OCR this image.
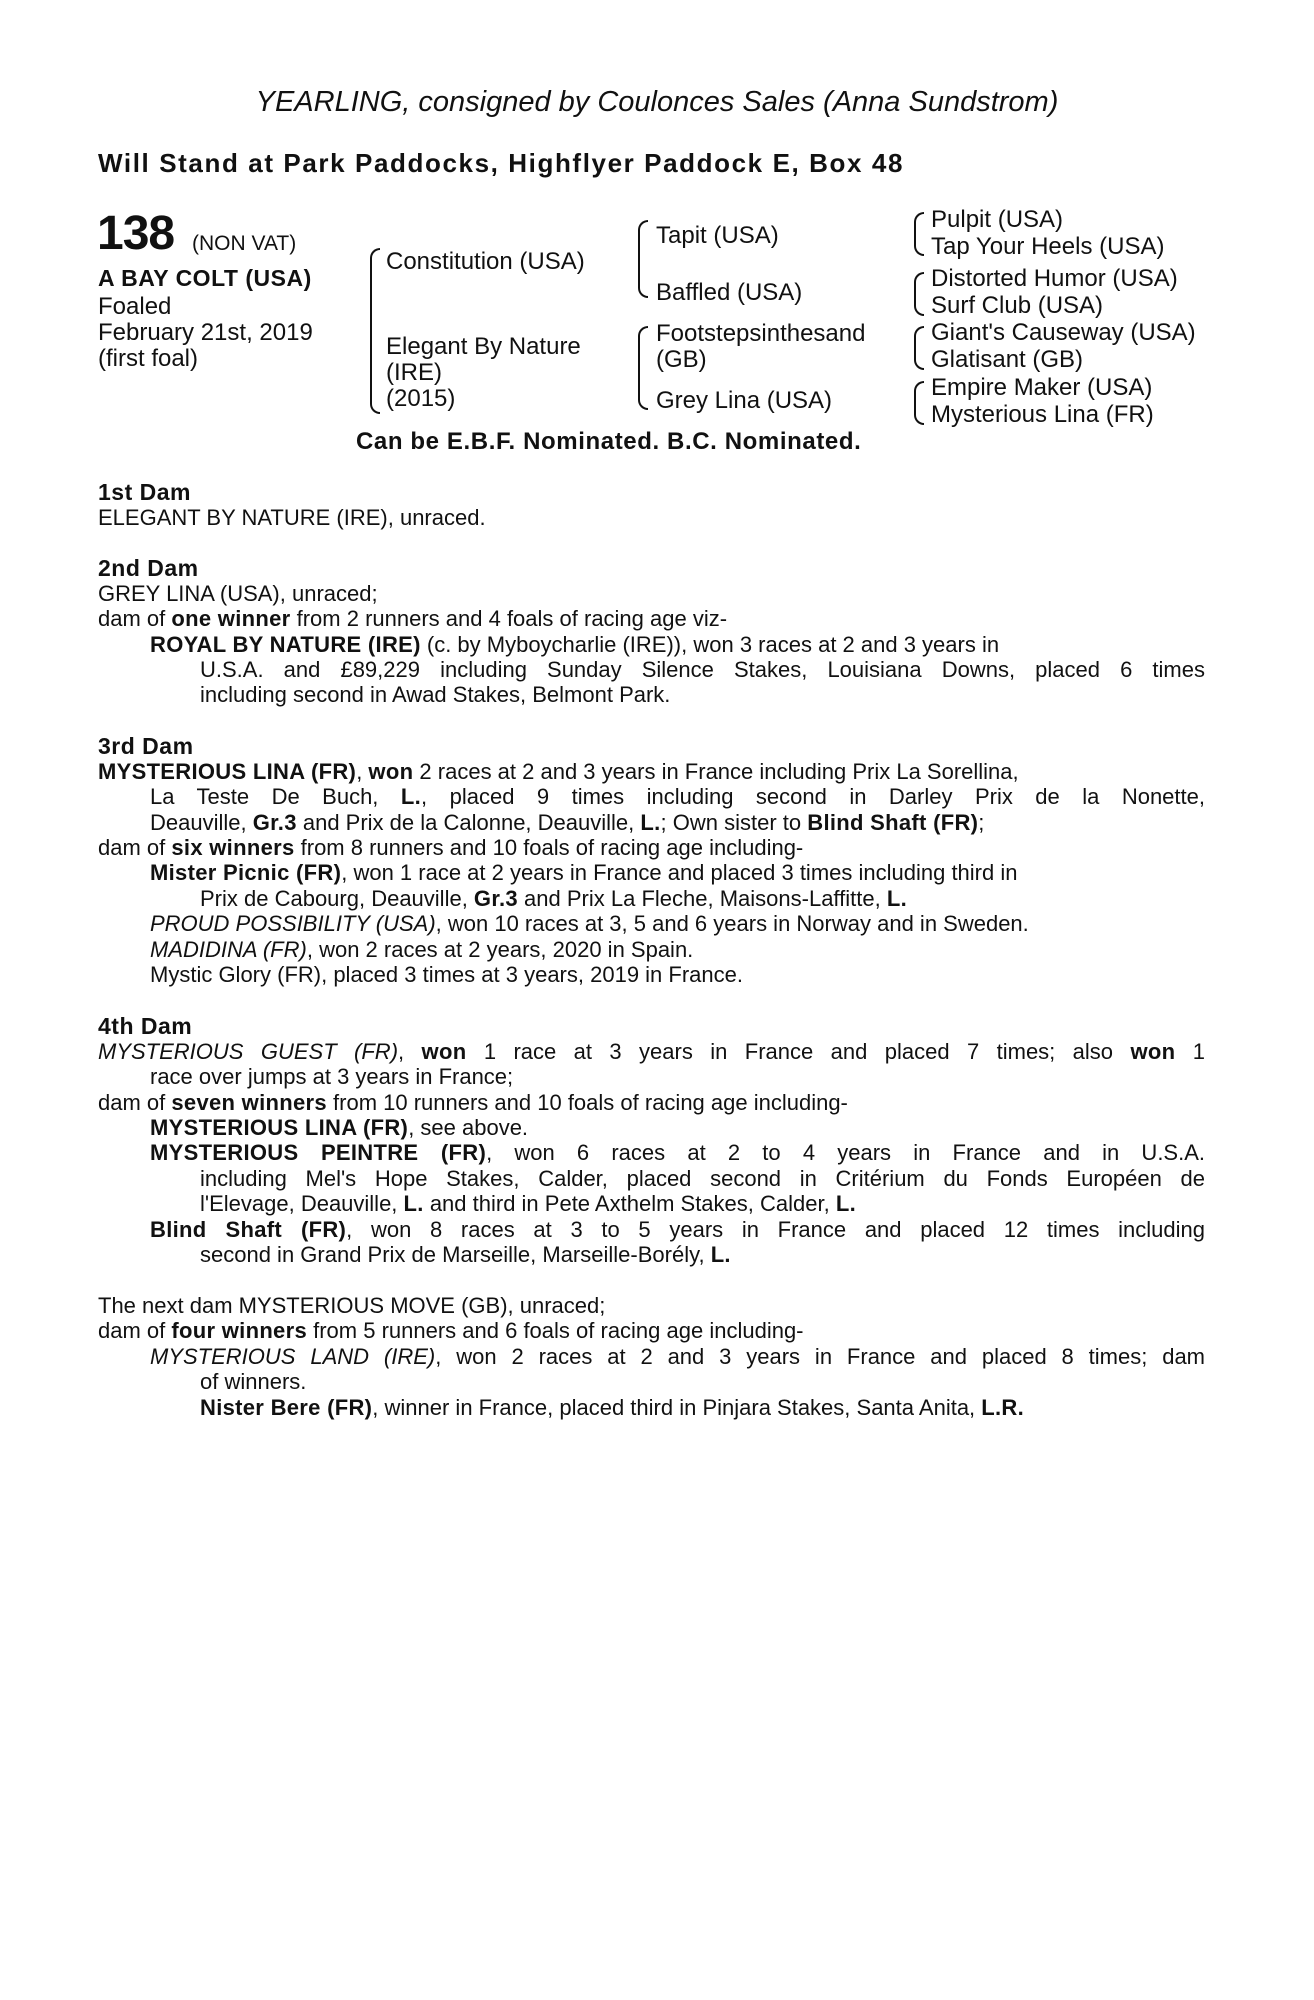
YEARLING, consigned by Coulonces Sales (Anna Sundstrom)
Will Stand at Park Paddocks, Highflyer Paddock E, Box 48
138 (NON VAT)
A BAY COLT (USA)
Foaled
February 21st, 2019
(first foal)
Constitution (USA)
Elegant By Nature
(IRE)
(2015)
Tapit (USA)
Baffled (USA)
Footstepsinthesand
(GB)
Grey Lina (USA)
Pulpit (USA)
Tap Your Heels (USA)
Distorted Humor (USA)
Surf Club (USA)
Giant's Causeway (USA)
Glatisant (GB)
Empire Maker (USA)
Mysterious Lina (FR)
Can be E.B.F. Nominated. B.C. Nominated.
1st Dam
ELEGANT BY NATURE (IRE), unraced.
2nd Dam
GREY LINA (USA), unraced;
dam of one winner from 2 runners and 4 foals of racing age viz-
ROYAL BY NATURE (IRE) (c. by Myboycharlie (IRE)), won 3 races at 2 and 3 years in
U.S.A. and £89,229 including Sunday Silence Stakes, Louisiana Downs, placed 6 times
including second in Awad Stakes, Belmont Park.
3rd Dam
MYSTERIOUS LINA (FR), won 2 races at 2 and 3 years in France including Prix La Sorellina,
La Teste De Buch, L., placed 9 times including second in Darley Prix de la Nonette,
Deauville, Gr.3 and Prix de la Calonne, Deauville, L.; Own sister to Blind Shaft (FR);
dam of six winners from 8 runners and 10 foals of racing age including-
Mister Picnic (FR), won 1 race at 2 years in France and placed 3 times including third in
Prix de Cabourg, Deauville, Gr.3 and Prix La Fleche, Maisons-Laffitte, L.
PROUD POSSIBILITY (USA), won 10 races at 3, 5 and 6 years in Norway and in Sweden.
MADIDINA (FR), won 2 races at 2 years, 2020 in Spain.
Mystic Glory (FR), placed 3 times at 3 years, 2019 in France.
4th Dam
MYSTERIOUS GUEST (FR), won 1 race at 3 years in France and placed 7 times; also won 1
race over jumps at 3 years in France;
dam of seven winners from 10 runners and 10 foals of racing age including-
MYSTERIOUS LINA (FR), see above.
MYSTERIOUS PEINTRE (FR), won 6 races at 2 to 4 years in France and in U.S.A.
including Mel's Hope Stakes, Calder, placed second in Critérium du Fonds Européen de
l'Elevage, Deauville, L. and third in Pete Axthelm Stakes, Calder, L.
Blind Shaft (FR), won 8 races at 3 to 5 years in France and placed 12 times including
second in Grand Prix de Marseille, Marseille-Borély, L.
The next dam MYSTERIOUS MOVE (GB), unraced;
dam of four winners from 5 runners and 6 foals of racing age including-
MYSTERIOUS LAND (IRE), won 2 races at 2 and 3 years in France and placed 8 times; dam
of winners.
Nister Bere (FR), winner in France, placed third in Pinjara Stakes, Santa Anita, L.R.
